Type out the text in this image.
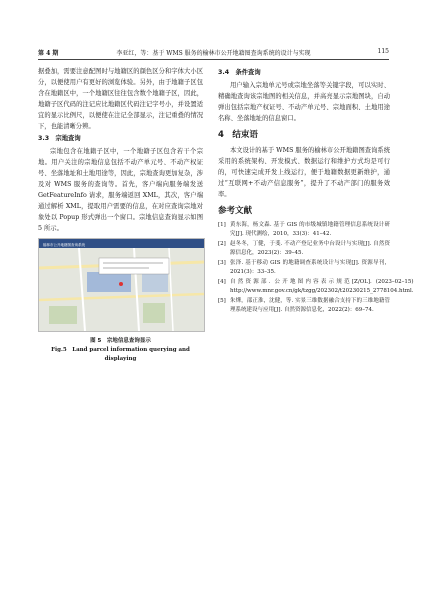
第 4 期	李亚红，等：基于 WMS 服务的榆林市公开地籍图查询系统的设计与实现	115

据叠加，需要注意配图时与地籍区的颜色区分和字体大小区分，以便使用户有更好的浏览体验。另外，由于地籍子区包含在地籍区中，一个地籍区往往包含数个地籍子区，因此，地籍子区代码的注记应比地籍区代码注记字号小，并设置适宜的显示比例尺，以便使在注记全部显示，注记重叠的情况下，也能清晰分辨。

3.3　宗地查询

宗地包含在地籍子区中，一个地籍子区包含若干个宗地。用户关注的宗地信息包括不动产单元号、不动产权证号、坐落地址和土地用途等，因此，宗地查询更加复杂，涉及对 WMS 服务的查询等。首先，客户端向服务端发送 GetFeatureInfo 请求，服务端返回 XML，其次，客户端通过解析 XML，提取用户需要的信息，在对应查询宗地对象处以 Popup 形式弹出一个窗口。宗地信息查询显示如图 5 所示。

榆林市公开地籍图查询系统
图 5　宗地信息查询显示
Fig.5　Land parcel information querying and displaying
3.4　条件查询

用户输入宗地单元号或宗地坐落等关键字段，可以实时、精确地查询该宗地图的相关信息，并高亮显示宗地图块，自动弹出包括宗地产权证号、不动产单元号、宗地面积、土地用途名称、坐落地址的信息窗口。

4　结束语

本文设计的基于 WMS 服务的榆林市公开地籍图查询系统采用的系统架构、开发模式、数据运行和维护方式均是可行的，可快速完成开发上线运行，便于地籍数据更新维护，通过“互联网+不动产信息服务”，提升了不动产部门的服务效率。

参考文献
[1] 黄东海，杨文森. 基于 GIS 的市级城镇地籍管理信息系统设计研究[J]. 现代测绘，2010，33(3)：41–42.
[2] 赵冬冬，丁健，于斐. 不动产登记业务中台设计与实现[J]. 自然资源信息化，2023(2)：39–45.
[3] 张泽. 基于移动 GIS 的地籍调查系统设计与实现[J]. 资源导刊，2021(3)：33–35.
[4] 自然资源部. 公开地图内容表示规范[Z/OL]. (2023–02–15) http://www.mnr.gov.cn/gk/tzgg/202302/t20230215_2778104.html.
[5] 朱燁，邵正淮，沈健，等. 实景三维数据融合支持下的三维地籍管理系统建设与应用[J]. 自然资源信息化，2022(2)：69–74.
